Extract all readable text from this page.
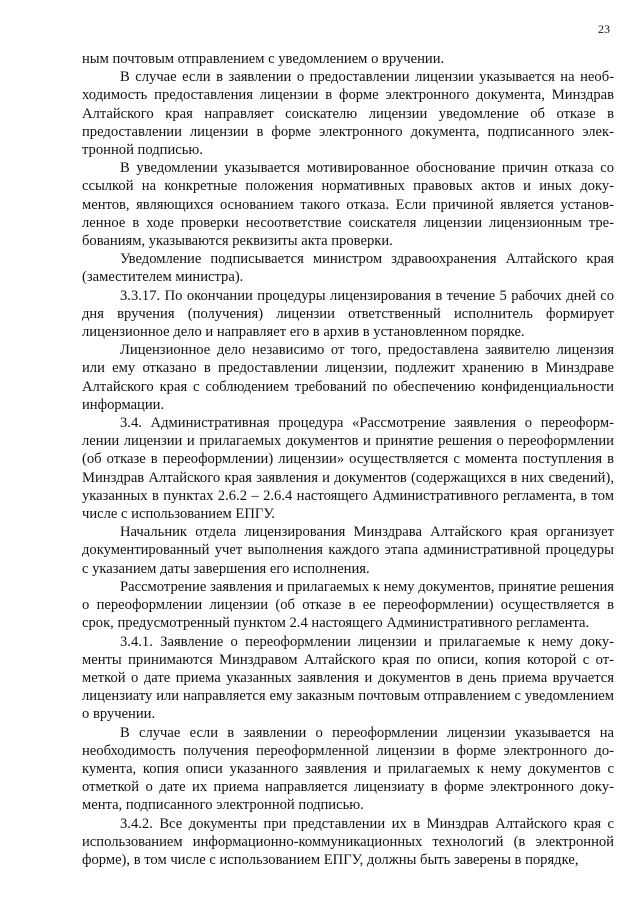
23

ным почтовым отправлением с уведомлением о вручении.

В случае если в заявлении о предоставлении лицензии указывается на необходимость предоставления лицензии в форме электронного документа, Минздрав Алтайского края направляет соискателю лицензии уведомление об отказе в предоставлении лицензии в форме электронного документа, подписанного электронной подписью.

В уведомлении указывается мотивированное обоснование причин отказа со ссылкой на конкретные положения нормативных правовых актов и иных документов, являющихся основанием такого отказа. Если причиной является установленное в ходе проверки несоответствие соискателя лицензии лицензионным требованиям, указываются реквизиты акта проверки.

Уведомление подписывается министром здравоохранения Алтайского края (заместителем министра).

3.3.17. По окончании процедуры лицензирования в течение 5 рабочих дней со дня вручения (получения) лицензии ответственный исполнитель формирует лицензионное дело и направляет его в архив в установленном порядке.

Лицензионное дело независимо от того, предоставлена заявителю лицензия или ему отказано в предоставлении лицензии, подлежит хранению в Минздраве Алтайского края с соблюдением требований по обеспечению конфиденциальности информации.

3.4. Административная процедура «Рассмотрение заявления о переоформлении лицензии и прилагаемых документов и принятие решения о переоформлении (об отказе в переоформлении) лицензии» осуществляется с момента поступления в Минздрав Алтайского края заявления и документов (содержащихся в них сведений), указанных в пунктах 2.6.2 – 2.6.4 настоящего Административного регламента, в том числе с использованием ЕПГУ.

Начальник отдела лицензирования Минздрава Алтайского края организует документированный учет выполнения каждого этапа административной процедуры с указанием даты завершения его исполнения.

Рассмотрение заявления и прилагаемых к нему документов, принятие решения о переоформлении лицензии (об отказе в ее переоформлении) осуществляется в срок, предусмотренный пунктом 2.4 настоящего Административного регламента.

3.4.1. Заявление о переоформлении лицензии и прилагаемые к нему документы принимаются Минздравом Алтайского края по описи, копия которой с отметкой о дате приема указанных заявления и документов в день приема вручается лицензиату или направляется ему заказным почтовым отправлением с уведомлением о вручении.

В случае если в заявлении о переоформлении лицензии указывается на необходимость получения переоформленной лицензии в форме электронного документа, копия описи указанного заявления и прилагаемых к нему документов с отметкой о дате их приема направляется лицензиату в форме электронного документа, подписанного электронной подписью.

3.4.2. Все документы при представлении их в Минздрав Алтайского края с использованием информационно-коммуникационных технологий (в электронной форме), в том числе с использованием ЕПГУ, должны быть заверены в порядке,
